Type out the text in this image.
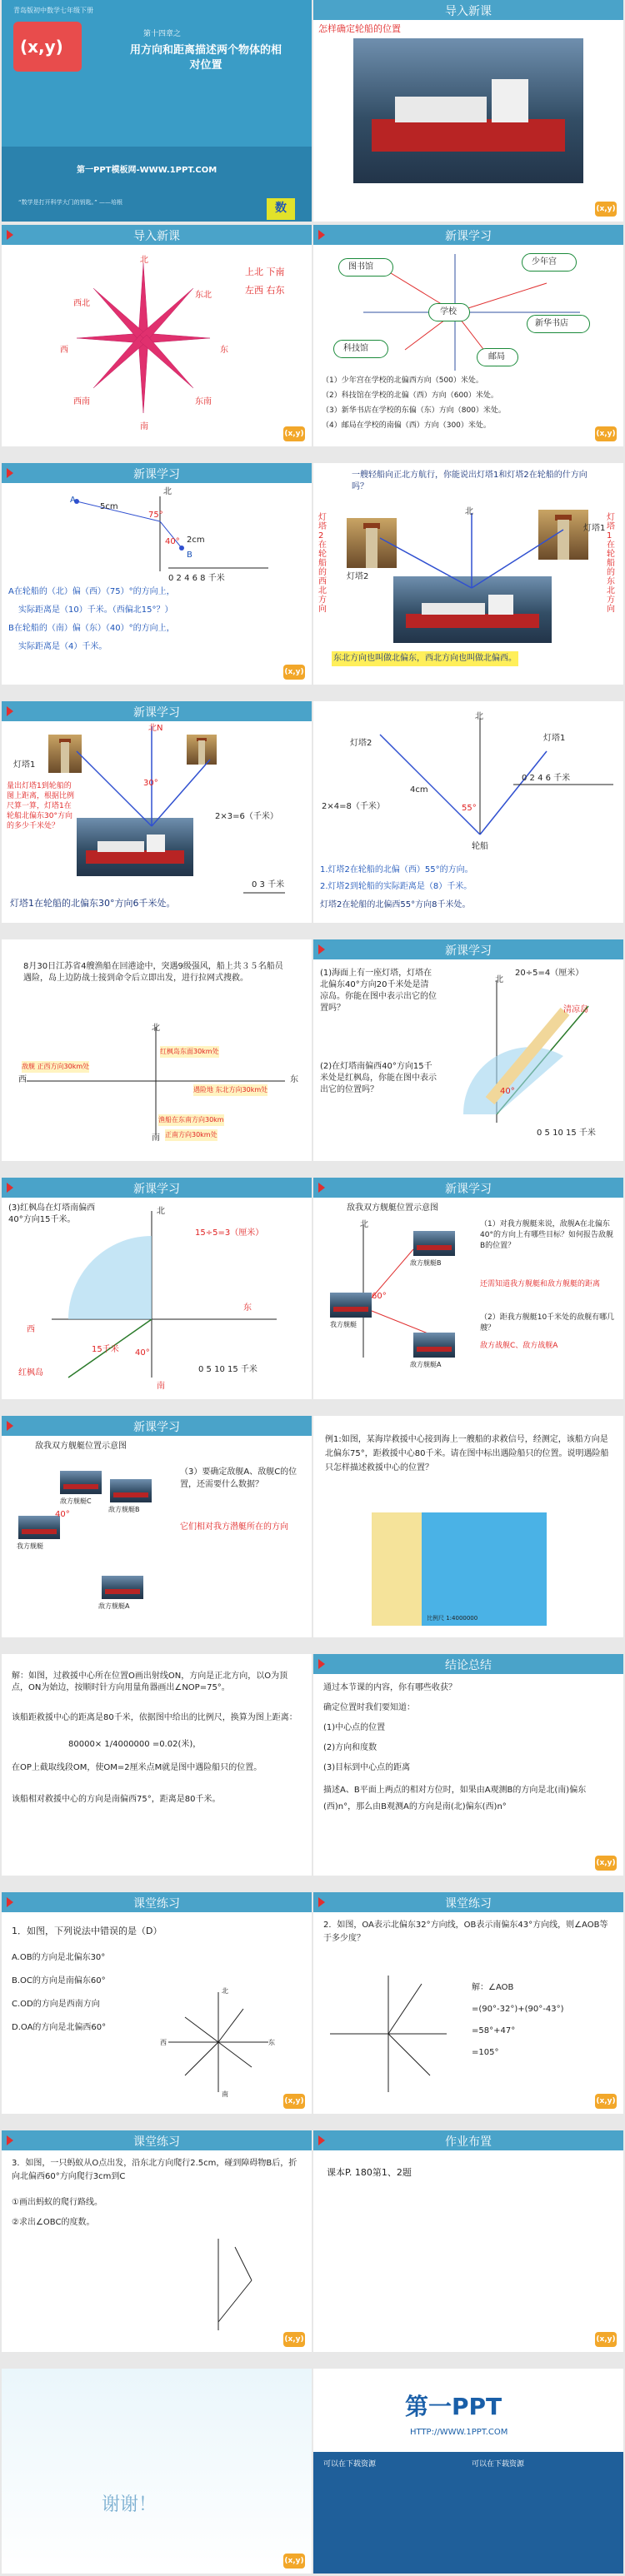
青岛版初中数学七年级下册
(x,y)
第十四章之
用方向和距离描述两个物体的相对位置
第一PPT模板网-WWW.1PPT.COM
“数学是打开科学大门的钥匙。” ——培根	数
导入新课
怎样确定轮船的位置
(x,y)
导入新课
北
南
西	东
东北
西北
东南
西南
上北 下南
左西 右东
(x,y)
新课学习
图书馆
少年宫
新华书店
科技馆
学校
邮局
（1）少年宫在学校的北偏西方向（500）米处。
（2）科技馆在学校的北偏（西）方向（600）米处。
（3）新华书店在学校的东偏（东）方向（800）米处。
（4）邮局在学校的南偏（西）方向（300）米处。
(x,y)
新课学习
A
B
北
5cm
2cm
75°
40°
0 2 4 6 8 千米
A在轮船的（北）偏（西）（75）°的方向上，
实际距离是（10）千米。（西偏北15°？）
B在轮船的（南）偏（东）（40）°的方向上，
实际距离是（4）千米。
(x,y)
一艘轻船向正北方航行，你能说出灯塔1和灯塔2在轮船的什方向吗？
北
灯塔1
灯塔2
灯塔2在轮船的西北方向
灯塔1在轮船的东北方向
东北方向也叫做北偏东，西北方向也叫做北偏西。
新课学习
灯塔1
北N
30°
量出灯塔1到轮船的图上距离，根据比例尺算一算，灯塔1在轮船北偏东30°方向的多少千米处？
2×3=6（千米）
0 3 千米
灯塔1在轮船的北偏东30°方向6千米处。
北
灯塔1
灯塔2
轮船
4cm
55°
2×4=8（千米）
0 2 4 6 千米
1.灯塔2在轮船的北偏（西）55°的方向。
2.灯塔2到轮船的实际距离是（8）千米。
灯塔2在轮船的北偏西55°方向8千米处。
8月30日江苏省4艘渔船在回港途中，突遇9级强风，船上共３５名船员遇险，岛上边防战士接到命令后立即出发，进行拉网式搜救。
北
南
西	东
红枫岛东面30km处
敌舰 正西方向30km处
渔船在东南方向30km
遇险地 东北方向30km处
正南方向30km处
新课学习
(1)海面上有一座灯塔，灯塔在北偏东40°方向20千米处是清凉岛。你能在图中表示出它的位置吗？
(2)在灯塔南偏西40°方向15千米处是红枫岛，你能在图中表示出它的位置吗？
20÷5=4（厘米）
北
清凉岛
40°
0 5 10 15 千米
新课学习
(3)红枫岛在灯塔南偏西40°方向15千米。
15÷5=3（厘米）
北
东
西
南
红枫岛
40°
15千米
0 5 10 15 千米
新课学习
敌我双方舰艇位置示意图
北
敌方舰艇B
我方舰艇
敌方舰艇A
60°
（1）对我方舰艇来说，敌舰A在北偏东40°的方向上有哪些目标？如何报告敌舰B的位置？
还需知道我方舰艇和敌方舰艇的距离
（2）距我方舰艇10千米处的敌舰有哪几艘？
敌方战舰C、敌方战舰A
新课学习
敌我双方舰艇位置示意图
敌方舰艇C
敌方舰艇B
我方舰艇
敌方舰艇A
40°
（3）要确定敌舰A、敌舰C的位置，还需要什么数据？
它们相对我方潜艇所在的方向
例1:如图，某海岸救援中心接到海上一艘船的求救信号，经测定，该船方向是北偏东75°，距救援中心80千米。请在图中标出遇险船只的位置。说明遇险船只怎样描述救援中心的位置？
比例尺 1:4000000
解：如图，过救援中心所在位置O画出射线ON，方向是正北方向，以O为顶点，ON为始边，按顺时针方向用量角器画出∠NOP=75°。
该船距救援中心的距离是80千米，依据图中给出的比例尺，换算为图上距离：
80000× 1/4000000 =0.02(米)，
在OP上截取线段OM，使OM=2厘米点M就是图中遇险船只的位置。
该船相对救援中心的方向是南偏西75°，距离是80千米。
结论总结
通过本节课的内容，你有哪些收获？
确定位置时我们要知道：
(1)中心点的位置
(2)方向和度数
(3)目标到中心点的距离
描述A、B平面上两点的相对方位时，如果由A观测B的方向是北(南)偏东(西)n°，那么由B观测A的方向是南(北)偏东(西)n°
(x,y)
课堂练习
1．如图，下列说法中错误的是（D）
A.OB的方向是北偏东30°
B.OC的方向是南偏东60°
C.OD的方向是西南方向
D.OA的方向是北偏西60°
北
东
西
南
(x,y)
课堂练习
2．如图，OA表示北偏东32°方向线，OB表示南偏东43°方向线，则∠AOB等于多少度？
解：∠AOB
=(90°-32°)+(90°-43°)
=58°+47°
=105°
(x,y)
课堂练习
3．如图，一只蚂蚁从O点出发，沿东北方向爬行2.5cm，碰到障碍物B后，折向北偏西60°方向爬行3cm到C
①画出蚂蚁的爬行路线。
②求出∠OBC的度数。
(x,y)
作业布置
课本P. 180第1、2题
(x,y)
谢谢！
(x,y)
第一PPT
HTTP://WWW.1PPT.COM
可以在下载资源	可以在下载资源
